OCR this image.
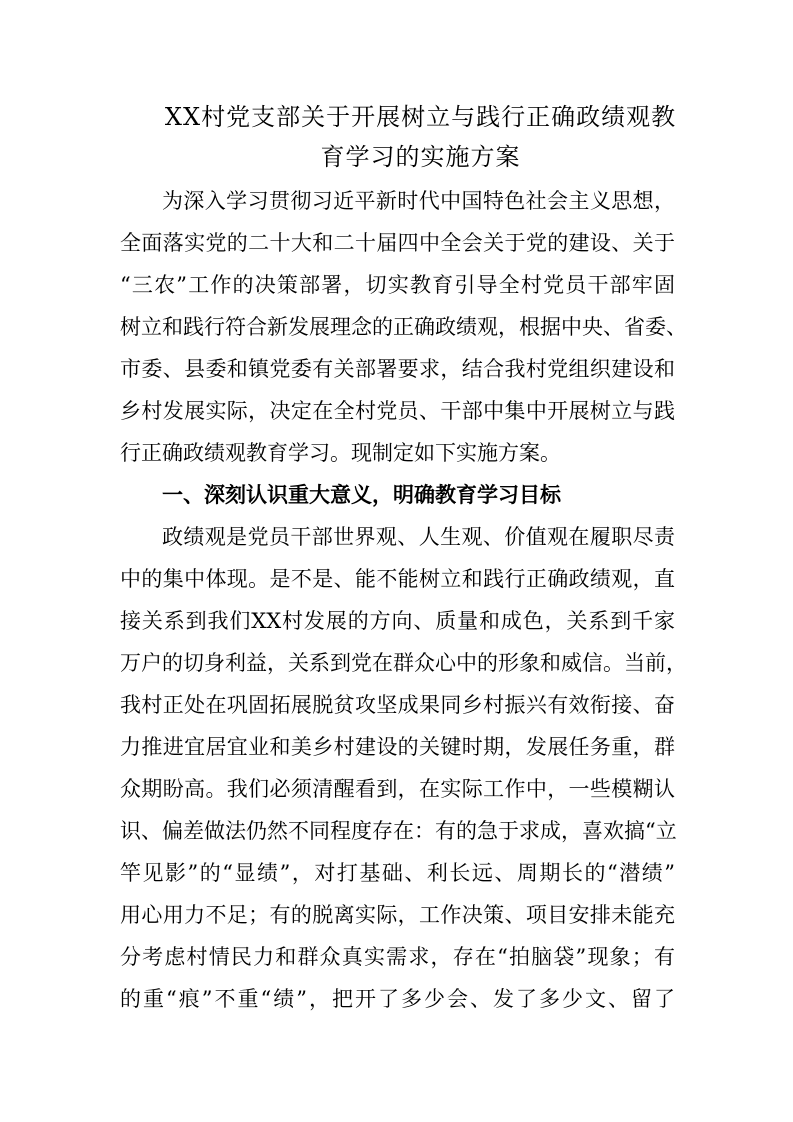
XX村党支部关于开展树立与践行正确政绩观教
育学习的实施方案
为深入学习贯彻习近平新时代中国特色社会主义思想，
全面落实党的二十大和二十届四中全会关于党的建设、关于
“三农”工作的决策部署，切实教育引导全村党员干部牢固
树立和践行符合新发展理念的正确政绩观，根据中央、省委、
市委、县委和镇党委有关部署要求，结合我村党组织建设和
乡村发展实际，决定在全村党员、干部中集中开展树立与践
行正确政绩观教育学习。现制定如下实施方案。
一、深刻认识重大意义，明确教育学习目标
政绩观是党员干部世界观、人生观、价值观在履职尽责
中的集中体现。是不是、能不能树立和践行正确政绩观，直
接关系到我们XX村发展的方向、质量和成色，关系到千家
万户的切身利益，关系到党在群众心中的形象和威信。当前，
我村正处在巩固拓展脱贫攻坚成果同乡村振兴有效衔接、奋
力推进宜居宜业和美乡村建设的关键时期，发展任务重，群
众期盼高。我们必须清醒看到，在实际工作中，一些模糊认
识、偏差做法仍然不同程度存在：有的急于求成，喜欢搞“立
竿见影”的“显绩”，对打基础、利长远、周期长的“潜绩”
用心用力不足；有的脱离实际，工作决策、项目安排未能充
分考虑村情民力和群众真实需求，存在“拍脑袋”现象；有
的重“痕”不重“绩”，把开了多少会、发了多少文、留了
